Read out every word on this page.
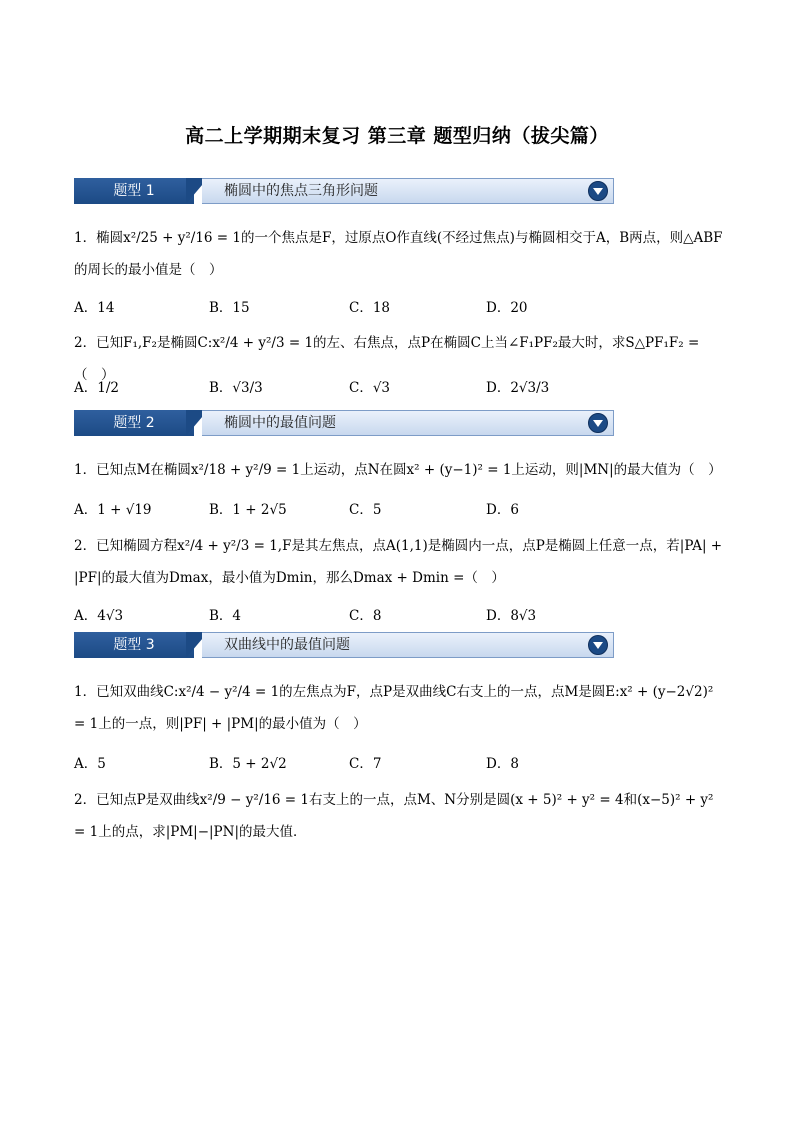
高二上学期期末复习 第三章 题型归纳（拔尖篇）
题型 1	椭圆中的焦点三角形问题
1．椭圆x²/25 + y²/16 = 1的一个焦点是F，过原点O作直线(不经过焦点)与椭圆相交于A，B两点，则△ABF的周长的最小值是（　）
A．14	B．15	C．18	D．20
2．已知F₁,F₂是椭圆C:x²/4 + y²/3 = 1的左、右焦点，点P在椭圆C上当∠F₁PF₂最大时，求S△PF₁F₂ =（　）
A．1/2	B．√3/3	C．√3	D．2√3/3
题型 2	椭圆中的最值问题
1．已知点M在椭圆x²/18 + y²/9 = 1上运动，点N在圆x² + (y−1)² = 1上运动，则|MN|的最大值为（　）
A．1 + √19	B．1 + 2√5	C．5	D．6
2．已知椭圆方程x²/4 + y²/3 = 1,F是其左焦点，点A(1,1)是椭圆内一点，点P是椭圆上任意一点，若|PA| + |PF|的最大值为Dmax，最小值为Dmin，那么Dmax + Dmin =（　）
A．4√3	B．4	C．8	D．8√3
题型 3	双曲线中的最值问题
1．已知双曲线C:x²/4 − y²/4 = 1的左焦点为F，点P是双曲线C右支上的一点，点M是圆E:x² + (y−2√2)² = 1上的一点，则|PF| + |PM|的最小值为（　）
A．5	B．5 + 2√2	C．7	D．8
2．已知点P是双曲线x²/9 − y²/16 = 1右支上的一点，点M、N分别是圆(x + 5)² + y² = 4和(x−5)² + y² = 1上的点，求|PM|−|PN|的最大值．
